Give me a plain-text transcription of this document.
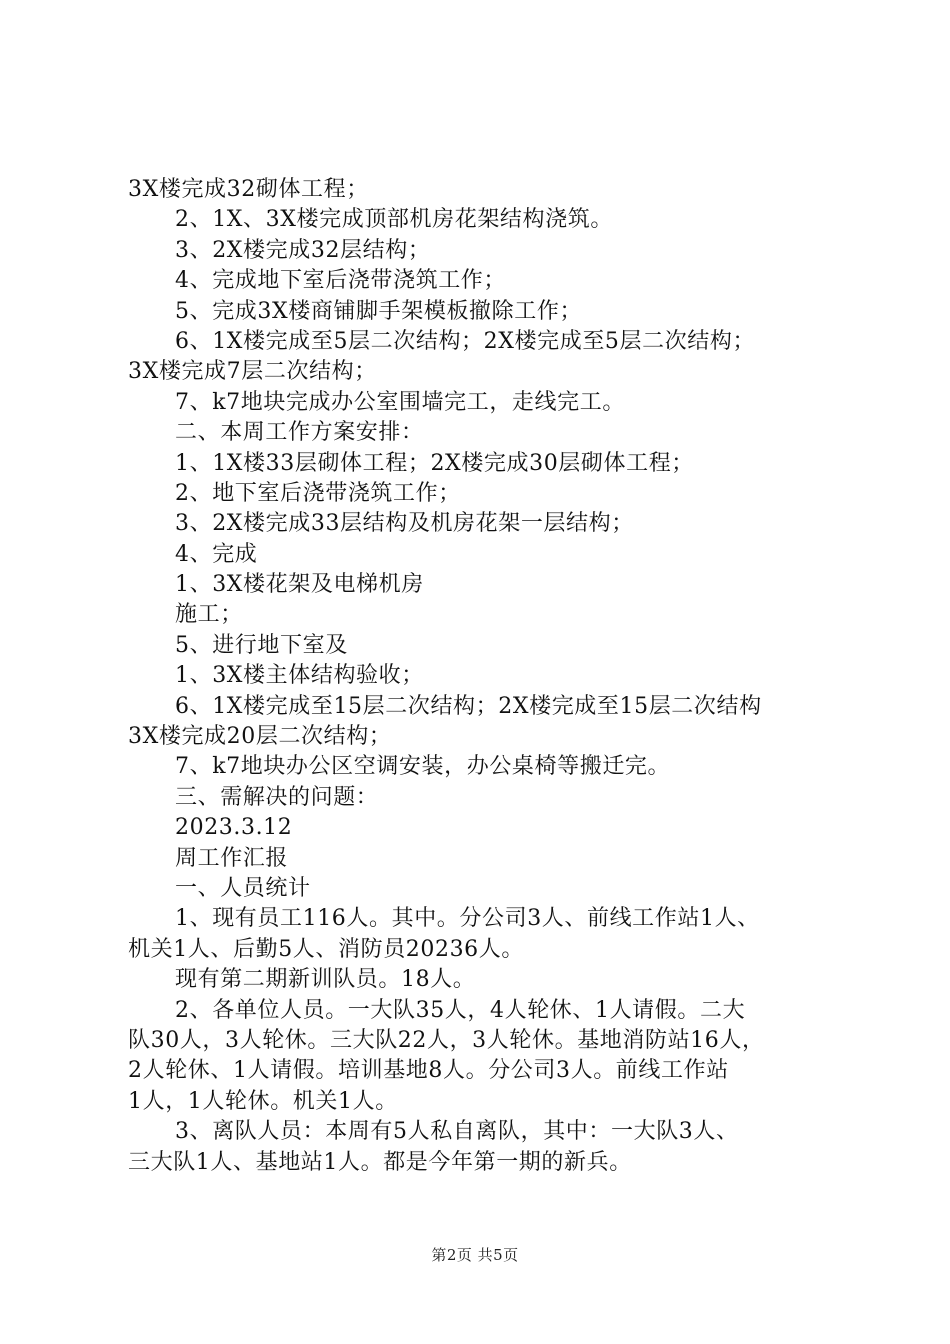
3X楼完成32砌体工程；
2、1X、3X楼完成顶部机房花架结构浇筑。
3、2X楼完成32层结构；
4、完成地下室后浇带浇筑工作；
5、完成3X楼商铺脚手架模板撤除工作；
6、1X楼完成至5层二次结构；2X楼完成至5层二次结构；
3X楼完成7层二次结构；
7、k7地块完成办公室围墙完工，走线完工。
二、本周工作方案安排：
1、1X楼33层砌体工程；2X楼完成30层砌体工程；
2、地下室后浇带浇筑工作；
3、2X楼完成33层结构及机房花架一层结构；
4、完成
1、3X楼花架及电梯机房
施工；
5、进行地下室及
1、3X楼主体结构验收；
6、1X楼完成至15层二次结构；2X楼完成至15层二次结构
3X楼完成20层二次结构；
7、k7地块办公区空调安装，办公桌椅等搬迁完。
三、需解决的问题：
2023.3.12
周工作汇报
一、人员统计
1、现有员工116人。其中。分公司3人、前线工作站1人、
机关1人、后勤5人、消防员20236人。
现有第二期新训队员。18人。
2、各单位人员。一大队35人，4人轮休、1人请假。二大
队30人，3人轮休。三大队22人，3人轮休。基地消防站16人，
2人轮休、1人请假。培训基地8人。分公司3人。前线工作站
1人，1人轮休。机关1人。
3、离队人员：本周有5人私自离队，其中：一大队3人、
三大队1人、基地站1人。都是今年第一期的新兵。
第2页 共5页
